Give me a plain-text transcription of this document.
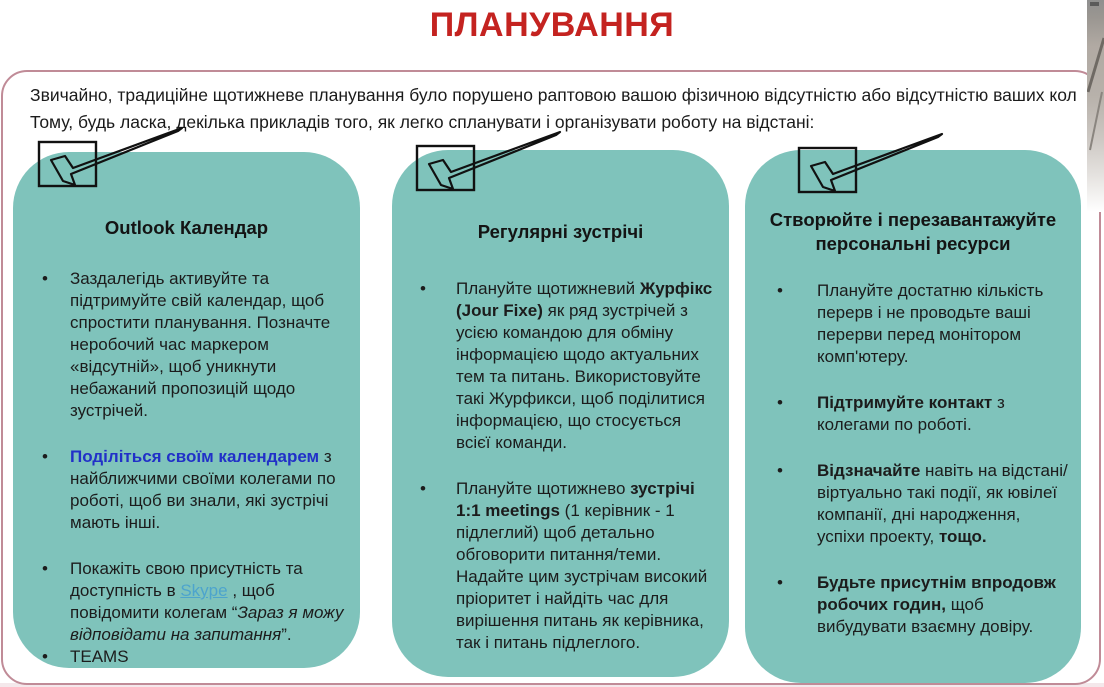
ПЛАНУВАННЯ
Звичайно, традиційне щотижневе планування було порушено раптовою вашою фізичною відсутністю або відсутністю ваших кол
Тому, будь ласка, декілька прикладів того, як легко спланувати і організувати роботу на відстані:
Outlook Календар
• Заздалегідь активуйте та підтримуйте свій календар, щоб спростити планування. Позначте неробочий час маркером «відсутній», щоб уникнути небажаний пропозицій щодо зустрічей.
• Поділіться своїм календарем з найближчими своїми колегами по роботі, щоб ви знали, які зустрічі мають інші.
• Покажіть свою присутність та доступність в Skype , щоб повідомити колегам “Зараз я можу відповідати на запитання”.
• TEAMS
Регулярні зустрічі
• Плануйте щотижневий Журфікс (Jour Fixe) як ряд зустрічей з усією командою для обміну інформацією щодо актуальних тем та питань. Використовуйте такі Журфикси, щоб поділитися інформацією, що стосується всієї команди.
• Плануйте щотижнево зустрічі 1:1 meetings (1 керівник - 1 підлеглий) щоб детально обговорити питання/теми. Надайте цим зустрічам високий пріоритет і найдіть час для вирішення питань як керівника, так і питань підлеглого.
Створюйте і перезавантажуйте персональні ресурси
• Плануйте достатню кількість перерв і не проводьте ваші перерви перед монітором комп'ютеру.
• Підтримуйте контакт з колегами по роботі.
• Відзначайте навіть на відстані/ віртуально такі події, як ювілеї компанії, дні народження, успіхи проекту, тощо.
• Будьте присутнім впродовж робочих годин, щоб вибудувати взаємну довіру.
